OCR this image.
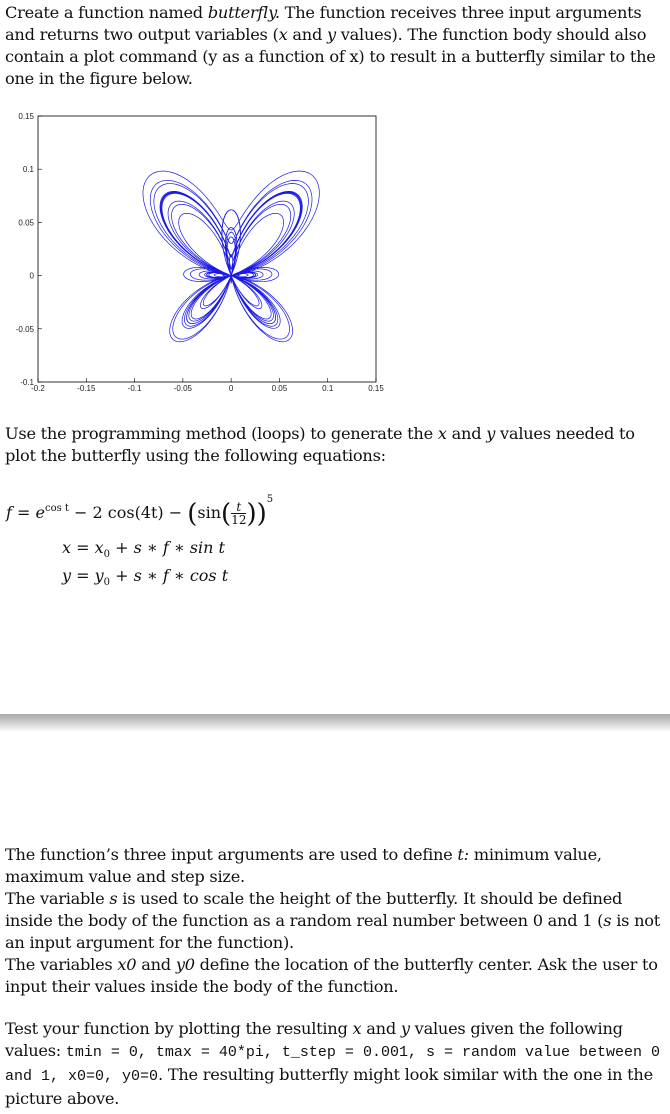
Create a function named butterfly. The function receives three input arguments and returns two output variables (x and y values). The function body should also contain a plot command (y as a function of x) to result in a butterfly similar to the one in the figure below.

-0.2	-0.15	-0.1	-0.05	0	0.05	0.1	0.15
-0.1
-0.05
0
0.05
0.1
0.15

Use the programming method (loops) to generate the x and y values needed to plot the butterfly using the following equations:

$f = e^{cos t} - 2$ $\cos(4t) - (\sin( \frac{t}{12} ))^5$
$x = x_0 + s$ ∗ f ∗ sin t
$y = y_0 + s$ ∗ f ∗ cos t

The function’s three input arguments are used to define t: minimum value, maximum value and step size.

The variable s is used to scale the height of the butterfly. It should be defined inside the body of the function as a random real number between 0 and 1 (s is not an input argument for the function).

The variables x0 and y0 define the location of the butterfly center. Ask the user to input their values inside the body of the function.

Test your function by plotting the resulting x and y values given the following values: tmin = 0, tmax = 40*pi, t_step = 0.001, s = random value between 0 and 1, x0=0, y0=0. The resulting butterfly might look similar with the one in the picture above.
